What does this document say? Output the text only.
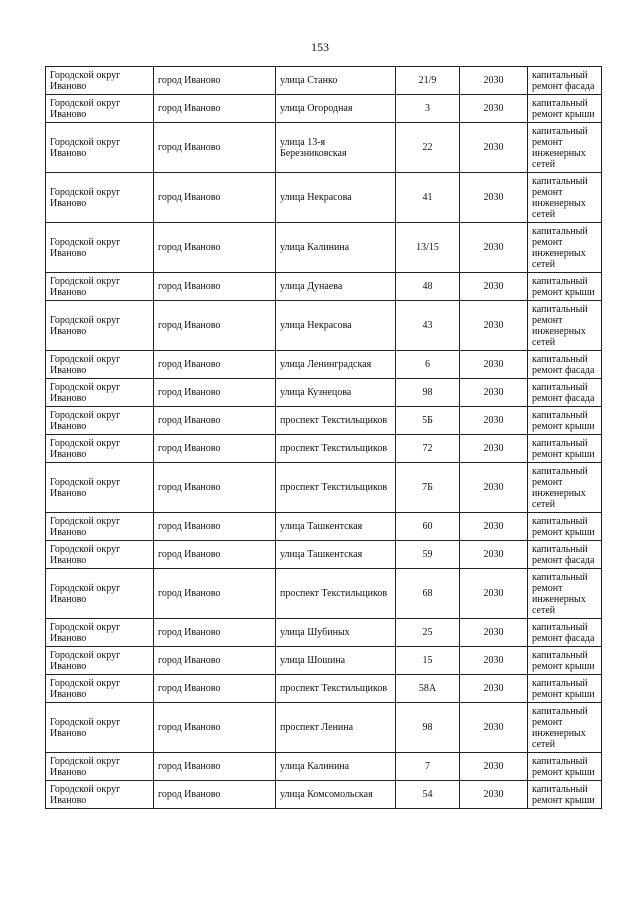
153
Городской округ Иваново	город Иваново	улица Станко	21/9	2030	капитальный ремонт фасада
Городской округ Иваново	город Иваново	улица Огородная	3	2030	капитальный ремонт крыши
Городской округ Иваново	город Иваново	улица 13-я Березниковская	22	2030	капитальный ремонт инженерных сетей
Городской округ Иваново	город Иваново	улица Некрасова	41	2030	капитальный ремонт инженерных сетей
Городской округ Иваново	город Иваново	улица Калинина	13/15	2030	капитальный ремонт инженерных сетей
Городской округ Иваново	город Иваново	улица Дунаева	48	2030	капитальный ремонт крыши
Городской округ Иваново	город Иваново	улица Некрасова	43	2030	капитальный ремонт инженерных сетей
Городской округ Иваново	город Иваново	улица Ленинградская	6	2030	капитальный ремонт фасада
Городской округ Иваново	город Иваново	улица Кузнецова	98	2030	капитальный ремонт фасада
Городской округ Иваново	город Иваново	проспект Текстильщиков	5Б	2030	капитальный ремонт крыши
Городской округ Иваново	город Иваново	проспект Текстильщиков	72	2030	капитальный ремонт крыши
Городской округ Иваново	город Иваново	проспект Текстильщиков	7Б	2030	капитальный ремонт инженерных сетей
Городской округ Иваново	город Иваново	улица Ташкентская	60	2030	капитальный ремонт крыши
Городской округ Иваново	город Иваново	улица Ташкентская	59	2030	капитальный ремонт фасада
Городской округ Иваново	город Иваново	проспект Текстильщиков	68	2030	капитальный ремонт инженерных сетей
Городской округ Иваново	город Иваново	улица Шубиных	25	2030	капитальный ремонт фасада
Городской округ Иваново	город Иваново	улица Шошина	15	2030	капитальный ремонт крыши
Городской округ Иваново	город Иваново	проспект Текстильщиков	58А	2030	капитальный ремонт крыши
Городской округ Иваново	город Иваново	проспект Ленина	98	2030	капитальный ремонт инженерных сетей
Городской округ Иваново	город Иваново	улица Калинина	7	2030	капитальный ремонт крыши
Городской округ Иваново	город Иваново	улица Комсомольская	54	2030	капитальный ремонт крыши
